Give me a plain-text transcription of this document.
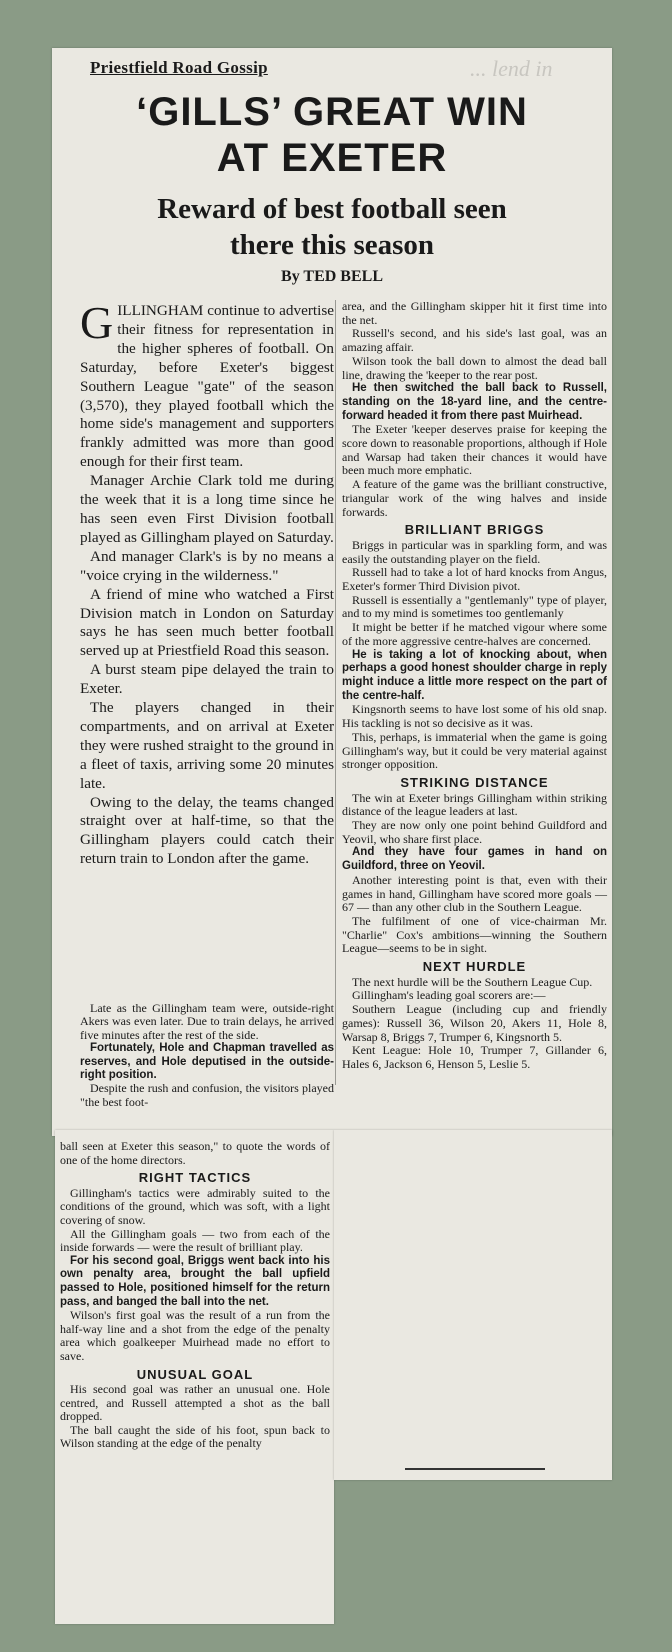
... lend in
Priestfield Road Gossip
‘GILLS’ GREAT WIN
AT EXETER
Reward of best football seen
there this season
By TED BELL

GILLINGHAM continue to advertise their fitness for representation in the higher spheres of football. On Saturday, before Exeter's biggest Southern League "gate" of the season (3,570), they played football which the home side's management and supporters frankly admitted was more than good enough for their first team.

Manager Archie Clark told me during the week that it is a long time since he has seen even First Division football played as Gillingham played on Saturday.

And manager Clark's is by no means a "voice crying in the wilderness."

A friend of mine who watched a First Division match in London on Saturday says he has seen much better football served up at Priestfield Road this season.

A burst steam pipe delayed the train to Exeter.

The players changed in their compartments, and on arrival at Exeter they were rushed straight to the ground in a fleet of taxis, arriving some 20 minutes late.

Owing to the delay, the teams changed straight over at half-time, so that the Gillingham players could catch their return train to London after the game.

Late as the Gillingham team were, outside-right Akers was even later. Due to train delays, he arrived five minutes after the rest of the side.

Fortunately, Hole and Chapman travelled as reserves, and Hole deputised in the outside-right position.

Despite the rush and confusion, the visitors played "the best foot-

ball seen at Exeter this season," to quote the words of one of the home directors.

RIGHT TACTICS

Gillingham's tactics were admirably suited to the conditions of the ground, which was soft, with a light covering of snow.

All the Gillingham goals — two from each of the inside forwards — were the result of brilliant play.

For his second goal, Briggs went back into his own penalty area, brought the ball upfield passed to Hole, positioned himself for the return pass, and banged the ball into the net.

Wilson's first goal was the result of a run from the half-way line and a shot from the edge of the penalty area which goalkeeper Muirhead made no effort to save.

UNUSUAL GOAL

His second goal was rather an unusual one. Hole centred, and Russell attempted a shot as the ball dropped.

The ball caught the side of his foot, spun back to Wilson standing at the edge of the penalty

area, and the Gillingham skipper hit it first time into the net.

Russell's second, and his side's last goal, was an amazing affair.

Wilson took the ball down to almost the dead ball line, drawing the 'keeper to the rear post.

He then switched the ball back to Russell, standing on the 18-yard line, and the centre-forward headed it from there past Muirhead.

The Exeter 'keeper deserves praise for keeping the score down to reasonable proportions, although if Hole and Warsap had taken their chances it would have been much more emphatic.

A feature of the game was the brilliant constructive, triangular work of the wing halves and inside forwards.

BRILLIANT BRIGGS

Briggs in particular was in sparkling form, and was easily the outstanding player on the field.

Russell had to take a lot of hard knocks from Angus, Exeter's former Third Division pivot.

Russell is essentially a "gentlemanly" type of player, and to my mind is sometimes too gentlemanly

It might be better if he matched vigour where some of the more aggressive centre-halves are concerned.

He is taking a lot of knocking about, when perhaps a good honest shoulder charge in reply might induce a little more respect on the part of the centre-half.

Kingsnorth seems to have lost some of his old snap. His tackling is not so decisive as it was.

This, perhaps, is immaterial when the game is going Gillingham's way, but it could be very material against stronger opposition.

STRIKING DISTANCE

The win at Exeter brings Gillingham within striking distance of the league leaders at last.

They are now only one point behind Guildford and Yeovil, who share first place.

And they have four games in hand on Guildford, three on Yeovil.

Another interesting point is that, even with their games in hand, Gillingham have scored more goals — 67 — than any other club in the Southern League.

The fulfilment of one of vice-chairman Mr. "Charlie" Cox's ambitions—winning the Southern League—seems to be in sight.

NEXT HURDLE

The next hurdle will be the Southern League Cup.

Gillingham's leading goal scorers are:—

Southern League (including cup and friendly games): Russell 36, Wilson 20, Akers 11, Hole 8, Warsap 8, Briggs 7, Trumper 6, Kingsnorth 5.

Kent League: Hole 10, Trumper 7, Gillander 6, Hales 6, Jackson 6, Henson 5, Leslie 5.
